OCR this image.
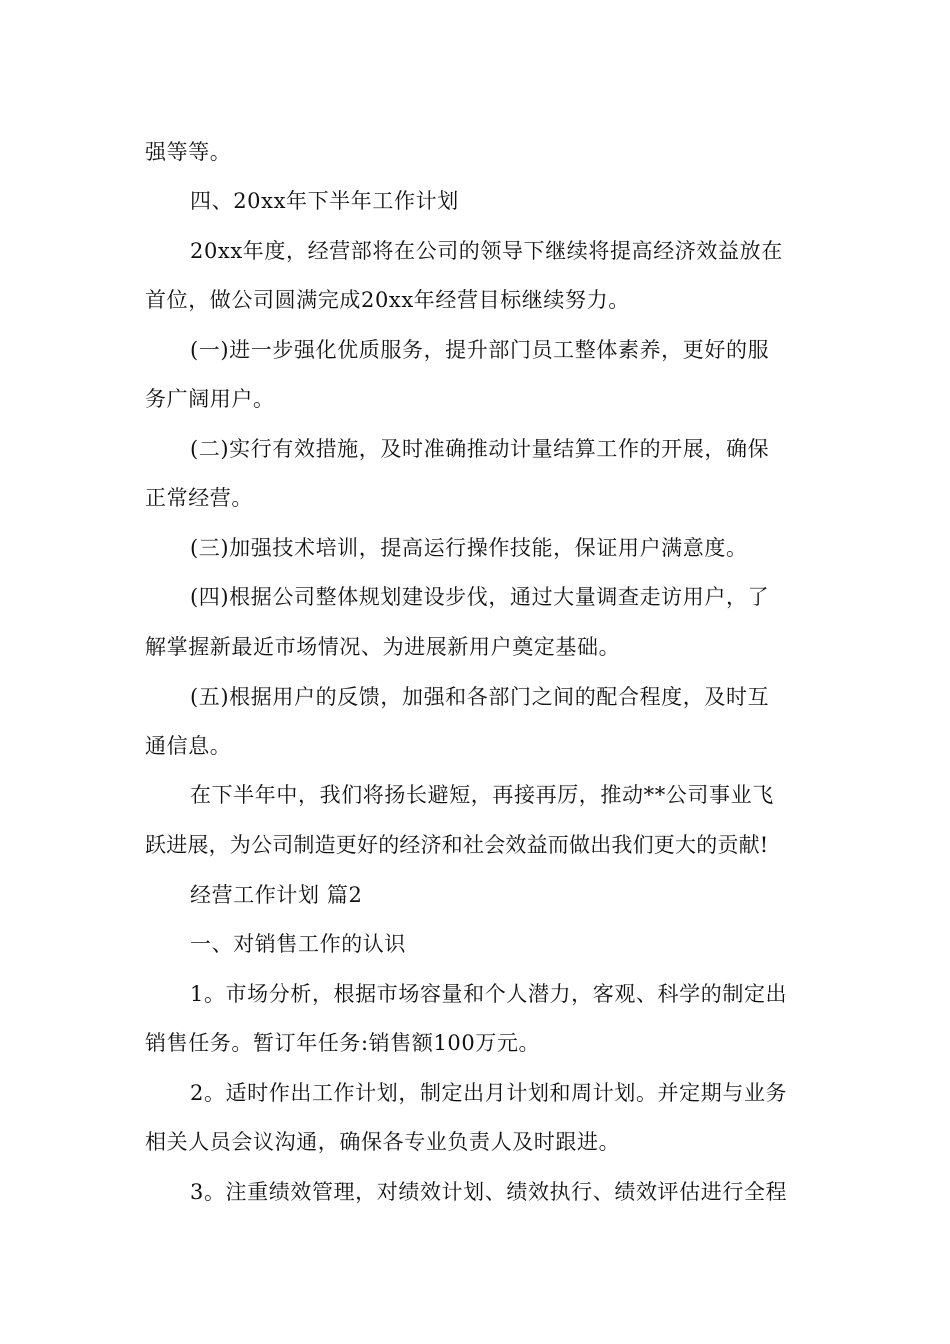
强等等。
四、20xx年下半年工作计划
20xx年度，经营部将在公司的领导下继续将提高经济效益放在
首位，做公司圆满完成20xx年经营目标继续努力。
(一)进一步强化优质服务，提升部门员工整体素养，更好的服
务广阔用户。
(二)实行有效措施，及时准确推动计量结算工作的开展，确保
正常经营。
(三)加强技术培训，提高运行操作技能，保证用户满意度。
(四)根据公司整体规划建设步伐，通过大量调查走访用户，了
解掌握新最近市场情况、为进展新用户奠定基础。
(五)根据用户的反馈，加强和各部门之间的配合程度，及时互
通信息。
在下半年中，我们将扬长避短，再接再厉，推动**公司事业飞
跃进展，为公司制造更好的经济和社会效益而做出我们更大的贡献!
经营工作计划 篇2
一、对销售工作的认识
1。市场分析，根据市场容量和个人潜力，客观、科学的制定出
销售任务。暂订年任务:销售额100万元。
2。适时作出工作计划，制定出月计划和周计划。并定期与业务
相关人员会议沟通，确保各专业负责人及时跟进。
3。注重绩效管理，对绩效计划、绩效执行、绩效评估进行全程
